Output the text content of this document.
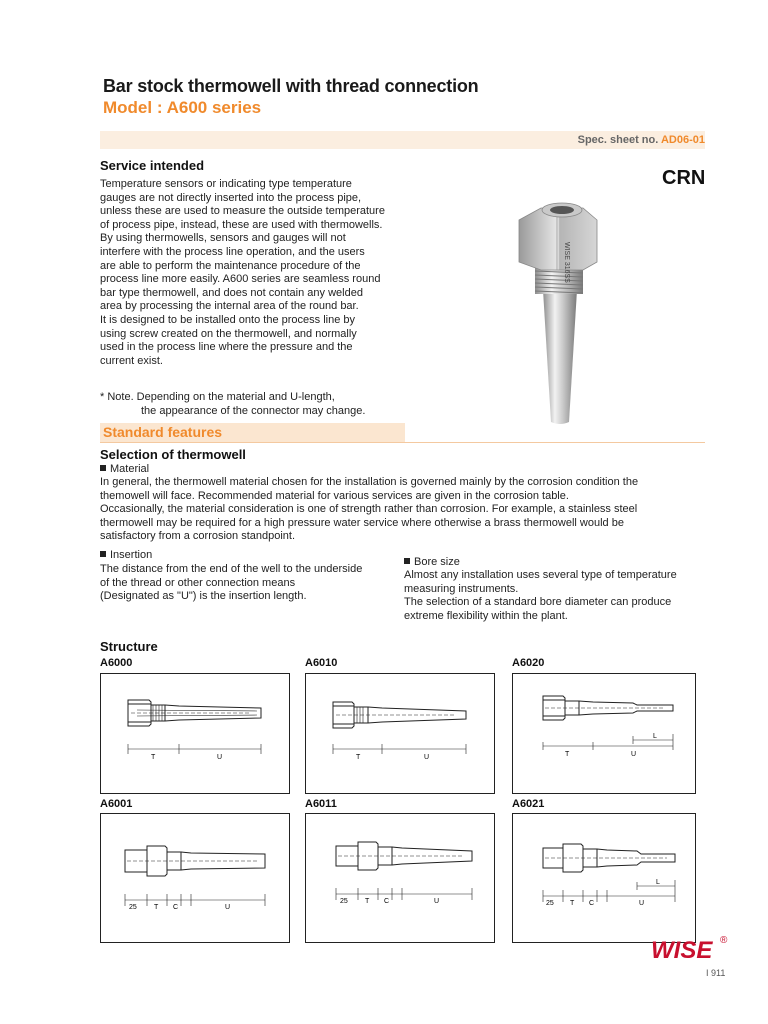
Bar stock thermowell with thread connection
Model : A600 series
Spec. sheet no. AD06-01
CRN
Service intended
Temperature sensors or indicating type temperature
gauges are not directly inserted into the process pipe,
unless these are used to measure the outside temperature
of process pipe, instead, these are used with thermowells.
By using thermowells, sensors and gauges will not
interfere with the process line operation, and the users
are able to perform the maintenance procedure of the
process line more easily. A600 series are seamless round
bar type thermowell, and does not contain any welded
area by processing the internal area of the round bar.
It is designed to be installed onto the process line by
using screw created on the thermowell, and normally
used in the process line where the pressure and the
current exist.
* Note. Depending on the material and U-length,
the appearance of the connector may change.
WISE 316SS
Standard features
Selection of thermowell
Material
In general, the thermowell material chosen for the installation is governed mainly by the corrosion condition the
themowell will face. Recommended material for various services are given in the corrosion table.
Occasionally, the material consideration is one of strength rather than corrosion. For example, a stainless steel
thermowell may be required for a high pressure water service where otherwise a brass thermowell would be
satisfactory from a corrosion standpoint.
Insertion
The distance from the end of the well to the underside
of the thread or other connection means
(Designated as "U") is the insertion length.
Bore size
Almost any installation uses several type of temperature
measuring instruments.
The selection of a standard bore diameter can produce
extreme flexibility within the plant.
Structure
A6000	A6010	A6020
T	U	T	U	T	U
L
A6001	A6011	A6021
25 T C	U
25 T C	U	25 T C	U
L
WISE ®
I 911
